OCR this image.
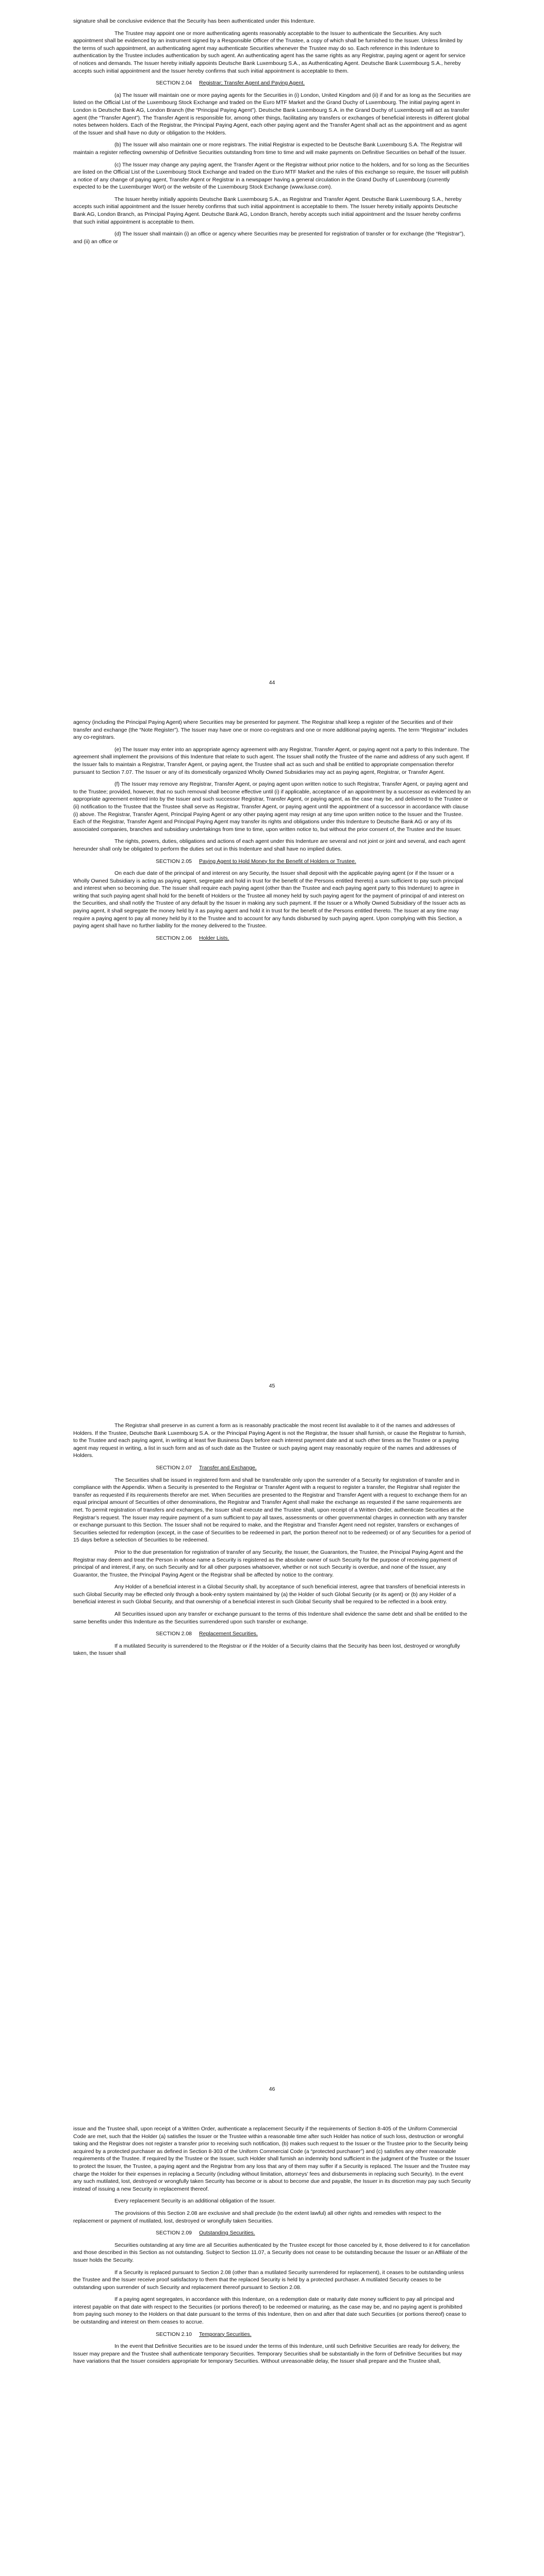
signature shall be conclusive evidence that the Security has been authenticated under this Indenture.

The Trustee may appoint one or more authenticating agents reasonably acceptable to the Issuer to authenticate the Securities. Any such appointment shall be evidenced by an instrument signed by a Responsible Officer of the Trustee, a copy of which shall be furnished to the Issuer. Unless limited by the terms of such appointment, an authenticating agent may authenticate Securities whenever the Trustee may do so. Each reference in this Indenture to authentication by the Trustee includes authentication by such agent. An authenticating agent has the same rights as any Registrar, paying agent or agent for service of notices and demands. The Issuer hereby initially appoints Deutsche Bank Luxembourg S.A., as Authenticating Agent. Deutsche Bank Luxembourg S.A., hereby accepts such initial appointment and the Issuer hereby confirms that such initial appointment is acceptable to them.

SECTION 2.04 Registrar; Transfer Agent and Paying Agent.

(a) The Issuer will maintain one or more paying agents for the Securities in (i) London, United Kingdom and (ii) if and for as long as the Securities are listed on the Official List of the Luxembourg Stock Exchange and traded on the Euro MTF Market and the Grand Duchy of Luxembourg. The initial paying agent in London is Deutsche Bank AG, London Branch (the “Principal Paying Agent”). Deutsche Bank Luxembourg S.A. in the Grand Duchy of Luxembourg will act as transfer agent (the “Transfer Agent”). The Transfer Agent is responsible for, among other things, facilitating any transfers or exchanges of beneficial interests in different global notes between holders. Each of the Registrar, the Principal Paying Agent, each other paying agent and the Transfer Agent shall act as the appointment and as agent of the Issuer and shall have no duty or obligation to the Holders.

(b) The Issuer will also maintain one or more registrars. The initial Registrar is expected to be Deutsche Bank Luxembourg S.A. The Registrar will maintain a register reflecting ownership of Definitive Securities outstanding from time to time and will make payments on Definitive Securities on behalf of the Issuer.

(c) The Issuer may change any paying agent, the Transfer Agent or the Registrar without prior notice to the holders, and for so long as the Securities are listed on the Official List of the Luxembourg Stock Exchange and traded on the Euro MTF Market and the rules of this exchange so require, the Issuer will publish a notice of any change of paying agent, Transfer Agent or Registrar in a newspaper having a general circulation in the Grand Duchy of Luxembourg (currently expected to be the Luxemburger Wort) or the website of the Luxembourg Stock Exchange (www.luxse.com).

The Issuer hereby initially appoints Deutsche Bank Luxembourg S.A., as Registrar and Transfer Agent. Deutsche Bank Luxembourg S.A., hereby accepts such initial appointment and the Issuer hereby confirms that such initial appointment is acceptable to them. The Issuer hereby initially appoints Deutsche Bank AG, London Branch, as Principal Paying Agent. Deutsche Bank AG, London Branch, hereby accepts such initial appointment and the Issuer hereby confirms that such initial appointment is acceptable to them.

(d) The Issuer shall maintain (i) an office or agency where Securities may be presented for registration of transfer or for exchange (the “Registrar”), and (ii) an office or

44

agency (including the Principal Paying Agent) where Securities may be presented for payment. The Registrar shall keep a register of the Securities and of their transfer and exchange (the “Note Register”). The Issuer may have one or more co-registrars and one or more additional paying agents. The term “Registrar” includes any co-registrars.

(e) The Issuer may enter into an appropriate agency agreement with any Registrar, Transfer Agent, or paying agent not a party to this Indenture. The agreement shall implement the provisions of this Indenture that relate to such agent. The Issuer shall notify the Trustee of the name and address of any such agent. If the Issuer fails to maintain a Registrar, Transfer Agent, or paying agent, the Trustee shall act as such and shall be entitled to appropriate compensation therefor pursuant to Section 7.07. The Issuer or any of its domestically organized Wholly Owned Subsidiaries may act as paying agent, Registrar, or Transfer Agent.

(f) The Issuer may remove any Registrar, Transfer Agent, or paying agent upon written notice to such Registrar, Transfer Agent, or paying agent and to the Trustee; provided, however, that no such removal shall become effective until (i) if applicable, acceptance of an appointment by a successor as evidenced by an appropriate agreement entered into by the Issuer and such successor Registrar, Transfer Agent, or paying agent, as the case may be, and delivered to the Trustee or (ii) notification to the Trustee that the Trustee shall serve as Registrar, Transfer Agent, or paying agent until the appointment of a successor in accordance with clause (i) above. The Registrar, Transfer Agent, Principal Paying Agent or any other paying agent may resign at any time upon written notice to the Issuer and the Trustee. Each of the Registrar, Transfer Agent and Principal Paying Agent may transfer its rights and obligations under this Indenture to Deutsche Bank AG or any of its associated companies, branches and subsidiary undertakings from time to time, upon written notice to, but without the prior consent of, the Trustee and the Issuer.

The rights, powers, duties, obligations and actions of each agent under this Indenture are several and not joint or joint and several, and each agent hereunder shall only be obligated to perform the duties set out in this Indenture and shall have no implied duties.

SECTION 2.05 Paying Agent to Hold Money for the Benefit of Holders or Trustee.

On each due date of the principal of and interest on any Security, the Issuer shall deposit with the applicable paying agent (or if the Issuer or a Wholly Owned Subsidiary is acting as paying agent, segregate and hold in trust for the benefit of the Persons entitled thereto) a sum sufficient to pay such principal and interest when so becoming due. The Issuer shall require each paying agent (other than the Trustee and each paying agent party to this Indenture) to agree in writing that such paying agent shall hold for the benefit of Holders or the Trustee all money held by such paying agent for the payment of principal of and interest on the Securities, and shall notify the Trustee of any default by the Issuer in making any such payment. If the Issuer or a Wholly Owned Subsidiary of the Issuer acts as paying agent, it shall segregate the money held by it as paying agent and hold it in trust for the benefit of the Persons entitled thereto. The Issuer at any time may require a paying agent to pay all money held by it to the Trustee and to account for any funds disbursed by such paying agent. Upon complying with this Section, a paying agent shall have no further liability for the money delivered to the Trustee.

SECTION 2.06 Holder Lists.

45

The Registrar shall preserve in as current a form as is reasonably practicable the most recent list available to it of the names and addresses of Holders. If the Trustee, Deutsche Bank Luxembourg S.A. or the Principal Paying Agent is not the Registrar, the Issuer shall furnish, or cause the Registrar to furnish, to the Trustee and each paying agent, in writing at least five Business Days before each interest payment date and at such other times as the Trustee or a paying agent may request in writing, a list in such form and as of such date as the Trustee or such paying agent may reasonably require of the names and addresses of Holders.

SECTION 2.07 Transfer and Exchange.

The Securities shall be issued in registered form and shall be transferable only upon the surrender of a Security for registration of transfer and in compliance with the Appendix. When a Security is presented to the Registrar or Transfer Agent with a request to register a transfer, the Registrar shall register the transfer as requested if its requirements therefor are met. When Securities are presented to the Registrar and Transfer Agent with a request to exchange them for an equal principal amount of Securities of other denominations, the Registrar and Transfer Agent shall make the exchange as requested if the same requirements are met. To permit registration of transfers and exchanges, the Issuer shall execute and the Trustee shall, upon receipt of a Written Order, authenticate Securities at the Registrar’s request. The Issuer may require payment of a sum sufficient to pay all taxes, assessments or other governmental charges in connection with any transfer or exchange pursuant to this Section. The Issuer shall not be required to make, and the Registrar and Transfer Agent need not register, transfers or exchanges of Securities selected for redemption (except, in the case of Securities to be redeemed in part, the portion thereof not to be redeemed) or of any Securities for a period of 15 days before a selection of Securities to be redeemed.

Prior to the due presentation for registration of transfer of any Security, the Issuer, the Guarantors, the Trustee, the Principal Paying Agent and the Registrar may deem and treat the Person in whose name a Security is registered as the absolute owner of such Security for the purpose of receiving payment of principal of and interest, if any, on such Security and for all other purposes whatsoever, whether or not such Security is overdue, and none of the Issuer, any Guarantor, the Trustee, the Principal Paying Agent or the Registrar shall be affected by notice to the contrary.

Any Holder of a beneficial interest in a Global Security shall, by acceptance of such beneficial interest, agree that transfers of beneficial interests in such Global Security may be effected only through a book-entry system maintained by (a) the Holder of such Global Security (or its agent) or (b) any Holder of a beneficial interest in such Global Security, and that ownership of a beneficial interest in such Global Security shall be required to be reflected in a book entry.

All Securities issued upon any transfer or exchange pursuant to the terms of this Indenture shall evidence the same debt and shall be entitled to the same benefits under this Indenture as the Securities surrendered upon such transfer or exchange.

SECTION 2.08 Replacement Securities.

If a mutilated Security is surrendered to the Registrar or if the Holder of a Security claims that the Security has been lost, destroyed or wrongfully taken, the Issuer shall

46

issue and the Trustee shall, upon receipt of a Written Order, authenticate a replacement Security if the requirements of Section 8-405 of the Uniform Commercial Code are met, such that the Holder (a) satisfies the Issuer or the Trustee within a reasonable time after such Holder has notice of such loss, destruction or wrongful taking and the Registrar does not register a transfer prior to receiving such notification, (b) makes such request to the Issuer or the Trustee prior to the Security being acquired by a protected purchaser as defined in Section 8-303 of the Uniform Commercial Code (a “protected purchaser”) and (c) satisfies any other reasonable requirements of the Trustee. If required by the Trustee or the Issuer, such Holder shall furnish an indemnity bond sufficient in the judgment of the Trustee or the Issuer to protect the Issuer, the Trustee, a paying agent and the Registrar from any loss that any of them may suffer if a Security is replaced. The Issuer and the Trustee may charge the Holder for their expenses in replacing a Security (including without limitation, attorneys’ fees and disbursements in replacing such Security). In the event any such mutilated, lost, destroyed or wrongfully taken Security has become or is about to become due and payable, the Issuer in its discretion may pay such Security instead of issuing a new Security in replacement thereof.

Every replacement Security is an additional obligation of the Issuer.

The provisions of this Section 2.08 are exclusive and shall preclude (to the extent lawful) all other rights and remedies with respect to the replacement or payment of mutilated, lost, destroyed or wrongfully taken Securities.

SECTION 2.09 Outstanding Securities.

Securities outstanding at any time are all Securities authenticated by the Trustee except for those canceled by it, those delivered to it for cancellation and those described in this Section as not outstanding. Subject to Section 11.07, a Security does not cease to be outstanding because the Issuer or an Affiliate of the Issuer holds the Security.

If a Security is replaced pursuant to Section 2.08 (other than a mutilated Security surrendered for replacement), it ceases to be outstanding unless the Trustee and the Issuer receive proof satisfactory to them that the replaced Security is held by a protected purchaser. A mutilated Security ceases to be outstanding upon surrender of such Security and replacement thereof pursuant to Section 2.08.

If a paying agent segregates, in accordance with this Indenture, on a redemption date or maturity date money sufficient to pay all principal and interest payable on that date with respect to the Securities (or portions thereof) to be redeemed or maturing, as the case may be, and no paying agent is prohibited from paying such money to the Holders on that date pursuant to the terms of this Indenture, then on and after that date such Securities (or portions thereof) cease to be outstanding and interest on them ceases to accrue.

SECTION 2.10 Temporary Securities.

In the event that Definitive Securities are to be issued under the terms of this Indenture, until such Definitive Securities are ready for delivery, the Issuer may prepare and the Trustee shall authenticate temporary Securities. Temporary Securities shall be substantially in the form of Definitive Securities but may have variations that the Issuer considers appropriate for temporary Securities. Without unreasonable delay, the Issuer shall prepare and the Trustee shall,
